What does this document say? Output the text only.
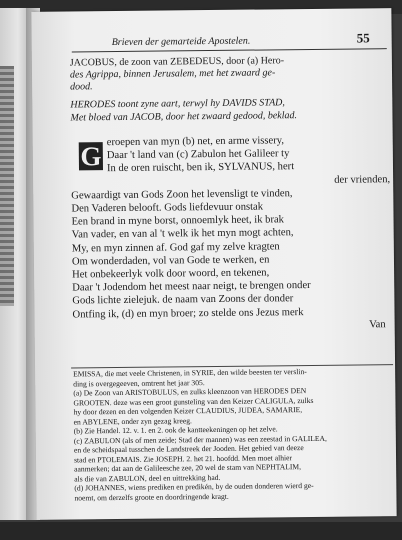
Brieven der gemarteide Apostelen.	55
JACOBUS, de zoon van ZEBEDEUS, door (a) Hero-
des Agrippa, binnen Jerusalem, met het zwaard ge-
dood.
HERODES toont zyne aart, terwyl hy DAVIDS STAD,
Met bloed van JACOB, door het zwaard gedood, beklad.
G eroepen van myn (b) net, en arme vissery,
Daar 't land van (c) Zabulon het Galileer ty
In de oren ruischt, ben ik, SYLVANUS, hert
der vrienden,
Gewaardigt van Gods Zoon het levensligt te vinden,
Den Vaderen belooft. Gods liefdevuur onstak
Een brand in myne borst, onnoemlyk heet, ik brak
Van vader, en van al 't welk ik het myn mogt achten,
My, en myn zinnen af. God gaf my zelve kragten
Om wonderdaden, vol van Gode te werken, en
Het onbekeerlyk volk door woord, en tekenen,
Daar 't Jodendom het meest naar neigt, te brengen onder
Gods lichte zielejuk. de naam van Zoons der donder
Ontfing ik, (d) en myn broer; zo stelde ons Jezus merk
Van

EMISSA, die met veele Christenen, in SYRIE, den wilde beesten ter verslin-

ding is overgegeeven, omtrent het jaar 305.

(a) De Zoon van ARISTOBULUS, en zulks kleenzoon van HERODES DEN

GROOTEN. deze was een groot gunsteling van den Keizer CALIGULA, zulks

hy door dezen en den volgenden Keizer CLAUDIUS, JUDEA, SAMARIE,

en ABYLENE, onder zyn gezag kreeg.

(b) Zie Handel. 12. v. 1. en 2. ook de kantteekeningen op het zelve.

(c) ZABULON (als of men zeide; Stad der mannen) was een zeestad in GALILEA,

en de scheidspaal tusschen de Landstreek der Jooden. Het gebied van deeze

stad en PTOLEMAIS. Zie JOSEPH. 2. het 21. hoofdd. Men moet alhier

aanmerken; dat aan de Galileesche zee, 20 wel de stam van NEPHTALIM,

als die van ZABULON, deel en uittrekking had.

(d) JOHANNES, wiens prediken en predikén, by de ouden donderen wierd ge-

noemt, om derzelfs groote en doordringende kragt.
